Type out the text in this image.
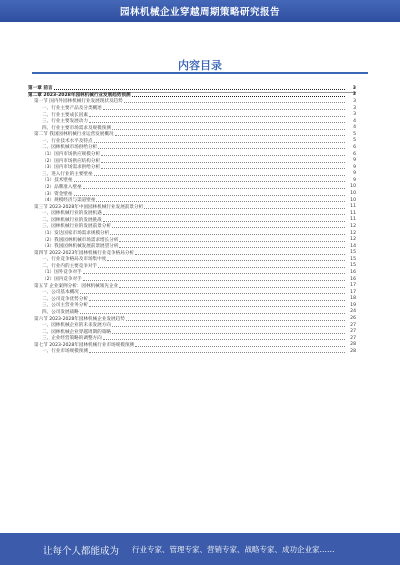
园林机械企业穿越周期策略研究报告
内容目录
第一章 前言	3
第二章 2023-2028年园林机械行业发展趋势预测	3
第一节 国内外园林机械行业发展现状及趋势	3
一、行业主要产品及分类概述	3
二、行业主要成长因素	3
三、行业主要发展动力	4
四、行业主要市场需求及规模预测	4
第二节 我国园林机械行业运营发展概况	5
一、行业技术水平及特点	5
二、园林机械市场供给分析	6
（1）国内市场供应规模分析	6
（2）国内市场供应结构分析	9
（3）国内市场需求供给分析	9
三、进入行业的主要壁垒	9
（1）技术壁垒	9
（2）品牌准入壁垒	10
（3）资金壁垒	10
（4）规模经济与渠道壁垒	10
第三节 2023-2028年中国园林机械行业发展前景分析	11
一、园林机械行业的发展机遇	11
二、园林机械行业的发展挑战	11
三、园林机械行业的发展前景分析	12
（1）发达国家市场需求规模分析	12
（2）我国园林机械市场需求增长分析	12
（3）我国园林机械发展前景展望分析	14
第四节 2022-2023年园林机械行业竞争格局分析	15
一、行业竞争格局及市场集中度	15
二、行业内的主要竞争对手	15
（1）国外竞争对手	16
（2）国内竞争对手	16
第五节 企业案例分析：园林机械领先企业	17
一、公司基本概况	17
二、公司竞争优势分析	18
三、公司主营业务分析	19
四、公司发展战略	24
第六节 2023-2028年园林机械企业发展趋势	26
一、园林机械企业的未来发展方向	27
二、园林机械企业穿越周期的策略	27
三、企业经营策略的调整方向	27
第七节 2023-2028年园林机械行业市场规模预测	28
一、行业市场规模预测	28
让每个人都能成为 行业专家、管理专家、营销专家、战略专家、成功企业家……
